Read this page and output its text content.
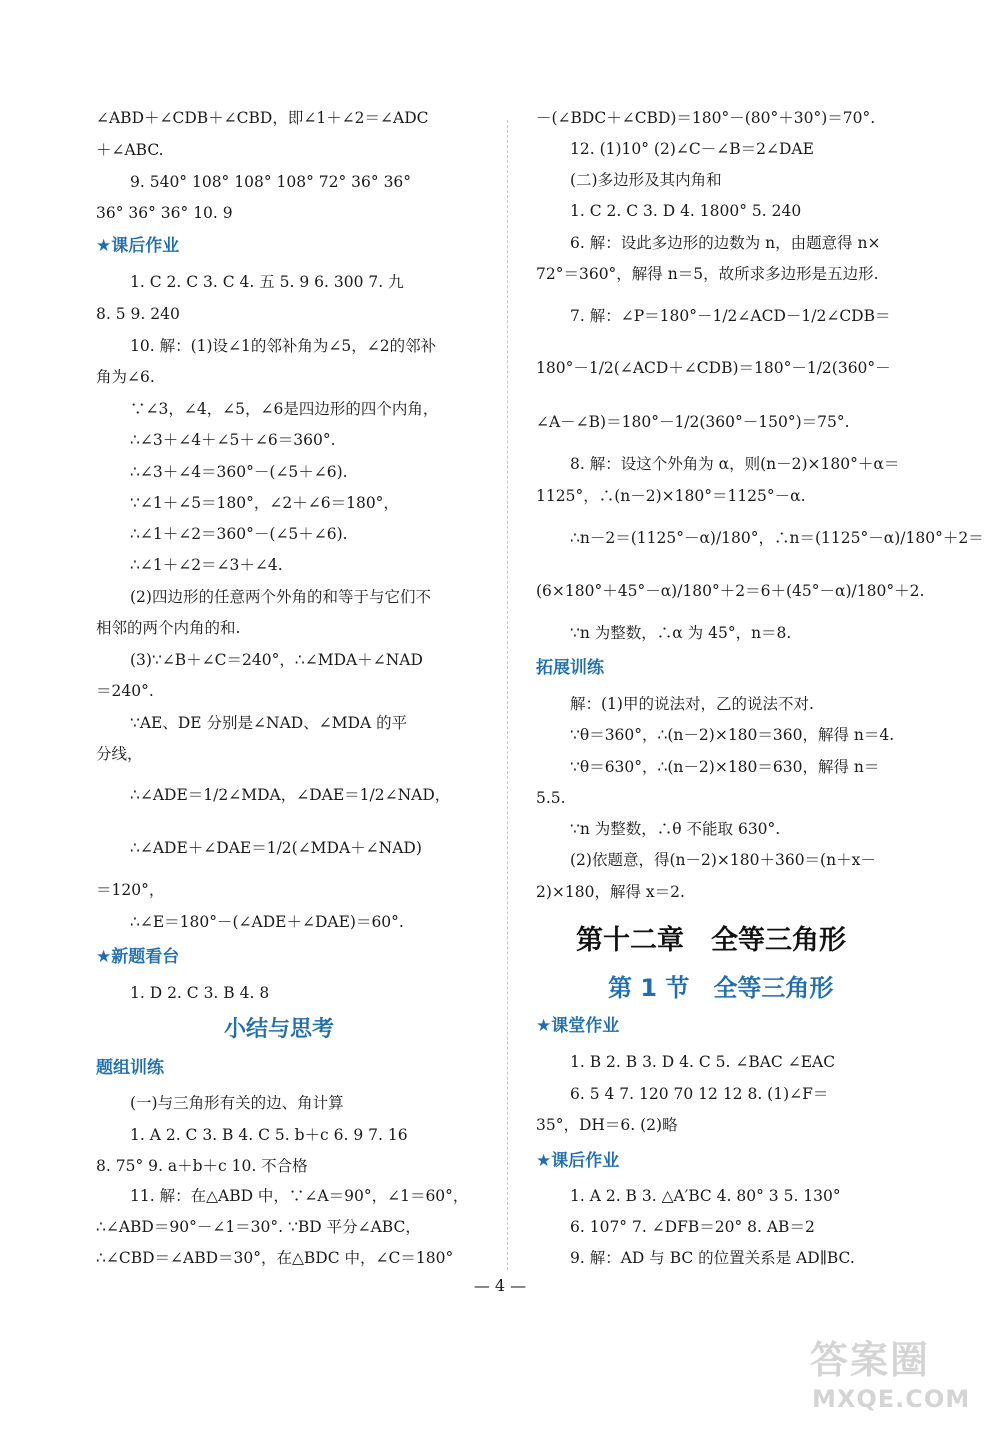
∠ABD＋∠CDB＋∠CBD，即∠1＋∠2＝∠ADC
＋∠ABC.
9. 540° 108° 108° 108° 72° 36° 36°
36° 36° 36° 10. 9
★课后作业
1. C 2. C 3. C 4. 五 5. 9 6. 300 7. 九
8. 5 9. 240
10. 解：(1)设∠1的邻补角为∠5，∠2的邻补
角为∠6.
∵∠3，∠4，∠5，∠6是四边形的四个内角，
∴∠3＋∠4＋∠5＋∠6＝360°.
∴∠3＋∠4＝360°－(∠5＋∠6).
∵∠1＋∠5＝180°，∠2＋∠6＝180°，
∴∠1＋∠2＝360°－(∠5＋∠6).
∴∠1＋∠2＝∠3＋∠4.
(2)四边形的任意两个外角的和等于与它们不
相邻的两个内角的和.
(3)∵∠B＋∠C＝240°，∴∠MDA＋∠NAD
＝240°.
∵AE、DE 分别是∠NAD、∠MDA 的平
分线，
∴∠ADE＝1/2∠MDA，∠DAE＝1/2∠NAD，
∴∠ADE＋∠DAE＝1/2(∠MDA＋∠NAD)
＝120°，
∴∠E＝180°－(∠ADE＋∠DAE)＝60°.
★新题看台
1. D 2. C 3. B 4. 8
小结与思考
题组训练
(一)与三角形有关的边、角计算
1. A 2. C 3. B 4. C 5. b＋c 6. 9 7. 16
8. 75° 9. a＋b＋c 10. 不合格
11. 解：在△ABD 中，∵∠A＝90°，∠1＝60°，
∴∠ABD＝90°－∠1＝30°. ∵BD 平分∠ABC，
∴∠CBD＝∠ABD＝30°，在△BDC 中，∠C＝180°
－(∠BDC＋∠CBD)＝180°－(80°＋30°)＝70°.
12. (1)10° (2)∠C－∠B＝2∠DAE
(二)多边形及其内角和
1. C 2. C 3. D 4. 1800° 5. 240
6. 解：设此多边形的边数为 n，由题意得 n×
72°＝360°，解得 n＝5，故所求多边形是五边形.
7. 解：∠P＝180°－1/2∠ACD－1/2∠CDB＝
180°－1/2(∠ACD＋∠CDB)＝180°－1/2(360°－
∠A－∠B)＝180°－1/2(360°－150°)＝75°.
8. 解：设这个外角为 α，则(n－2)×180°＋α＝
1125°，∴(n－2)×180°＝1125°－α.
∴n－2＝(1125°－α)/180°，∴n＝(1125°－α)/180°＋2＝
(6×180°＋45°－α)/180°＋2＝6＋(45°－α)/180°＋2.
∵n 为整数，∴α 为 45°，n＝8.
拓展训练
解：(1)甲的说法对，乙的说法不对.
∵θ＝360°，∴(n－2)×180＝360，解得 n＝4.
∵θ＝630°，∴(n－2)×180＝630，解得 n＝
5.5.
∵n 为整数，∴θ 不能取 630°.
(2)依题意，得(n－2)×180＋360＝(n＋x－
2)×180，解得 x＝2.
第十二章　全等三角形
第 1 节　全等三角形
★课堂作业
1. B 2. B 3. D 4. C 5. ∠BAC ∠EAC
6. 5 4 7. 120 70 12 12 8. (1)∠F＝
35°，DH＝6. (2)略
★课后作业
1. A 2. B 3. △A′BC 4. 80° 3 5. 130°
6. 107° 7. ∠DFB＝20° 8. AB＝2
9. 解：AD 与 BC 的位置关系是 AD∥BC.
— 4 —
答案圈
MXQE.COM
